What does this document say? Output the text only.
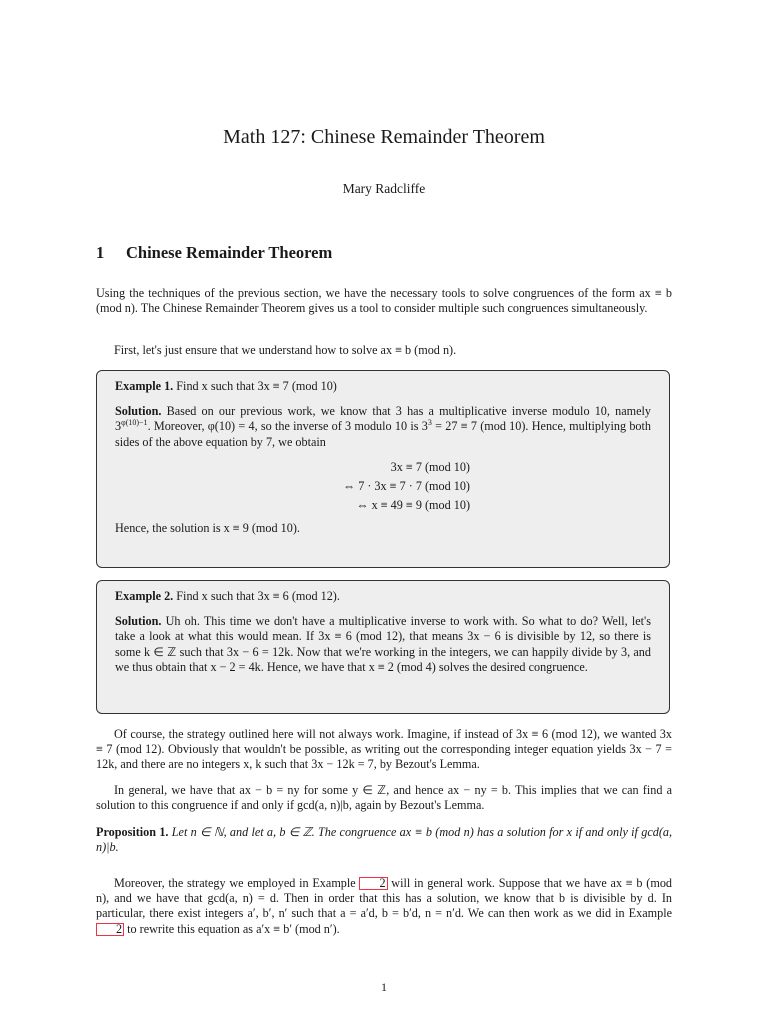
Math 127: Chinese Remainder Theorem
Mary Radcliffe
1 Chinese Remainder Theorem
Using the techniques of the previous section, we have the necessary tools to solve congruences of the form ax ≡ b (mod n). The Chinese Remainder Theorem gives us a tool to consider multiple such congruences simultaneously.
First, let's just ensure that we understand how to solve ax ≡ b (mod n).
Example 1. Find x such that 3x ≡ 7 (mod 10)
Solution. Based on our previous work, we know that 3 has a multiplicative inverse modulo 10, namely $3^{\varphi(10)-1}$. Moreover, φ(10) = 4, so the inverse of 3 modulo 10 is $3^3 = 27 \equiv 7$ (mod 10). Hence, multiplying both sides of the above equation by 7, we obtain
3x ≡ 7 (mod 10)
⇔ 7 · 3x ≡ 7 · 7 (mod 10)
⇔ x ≡ 49 ≡ 9 (mod 10)
Hence, the solution is x ≡ 9 (mod 10).
Example 2. Find x such that 3x ≡ 6 (mod 12).
Solution. Uh oh. This time we don't have a multiplicative inverse to work with. So what to do? Well, let's take a look at what this would mean. If 3x ≡ 6 (mod 12), that means 3x − 6 is divisible by 12, so there is some k ∈ ℤ such that 3x − 6 = 12k. Now that we're working in the integers, we can happily divide by 3, and we thus obtain that x − 2 = 4k. Hence, we have that x ≡ 2 (mod 4) solves the desired congruence.
Of course, the strategy outlined here will not always work. Imagine, if instead of 3x ≡ 6 (mod 12), we wanted 3x ≡ 7 (mod 12). Obviously that wouldn't be possible, as writing out the corresponding integer equation yields 3x − 7 = 12k, and there are no integers x, k such that 3x − 12k = 7, by Bezout's Lemma.
In general, we have that ax − b = ny for some y ∈ ℤ, and hence ax − ny = b. This implies that we can find a solution to this congruence if and only if gcd(a, n)|b, again by Bezout's Lemma.
Proposition 1. Let n ∈ ℕ, and let a, b ∈ ℤ. The congruence ax ≡ b (mod n) has a solution for x if and only if gcd(a, n)|b.
Moreover, the strategy we employed in Example 2 will in general work. Suppose that we have ax ≡ b (mod n), and we have that gcd(a, n) = d. Then in order that this has a solution, we know that b is divisible by d. In particular, there exist integers a′, b′, n′ such that a = a′d, b = b′d, n = n′d. We can then work as we did in Example 2 to rewrite this equation as a′x ≡ b′ (mod n′).
1
